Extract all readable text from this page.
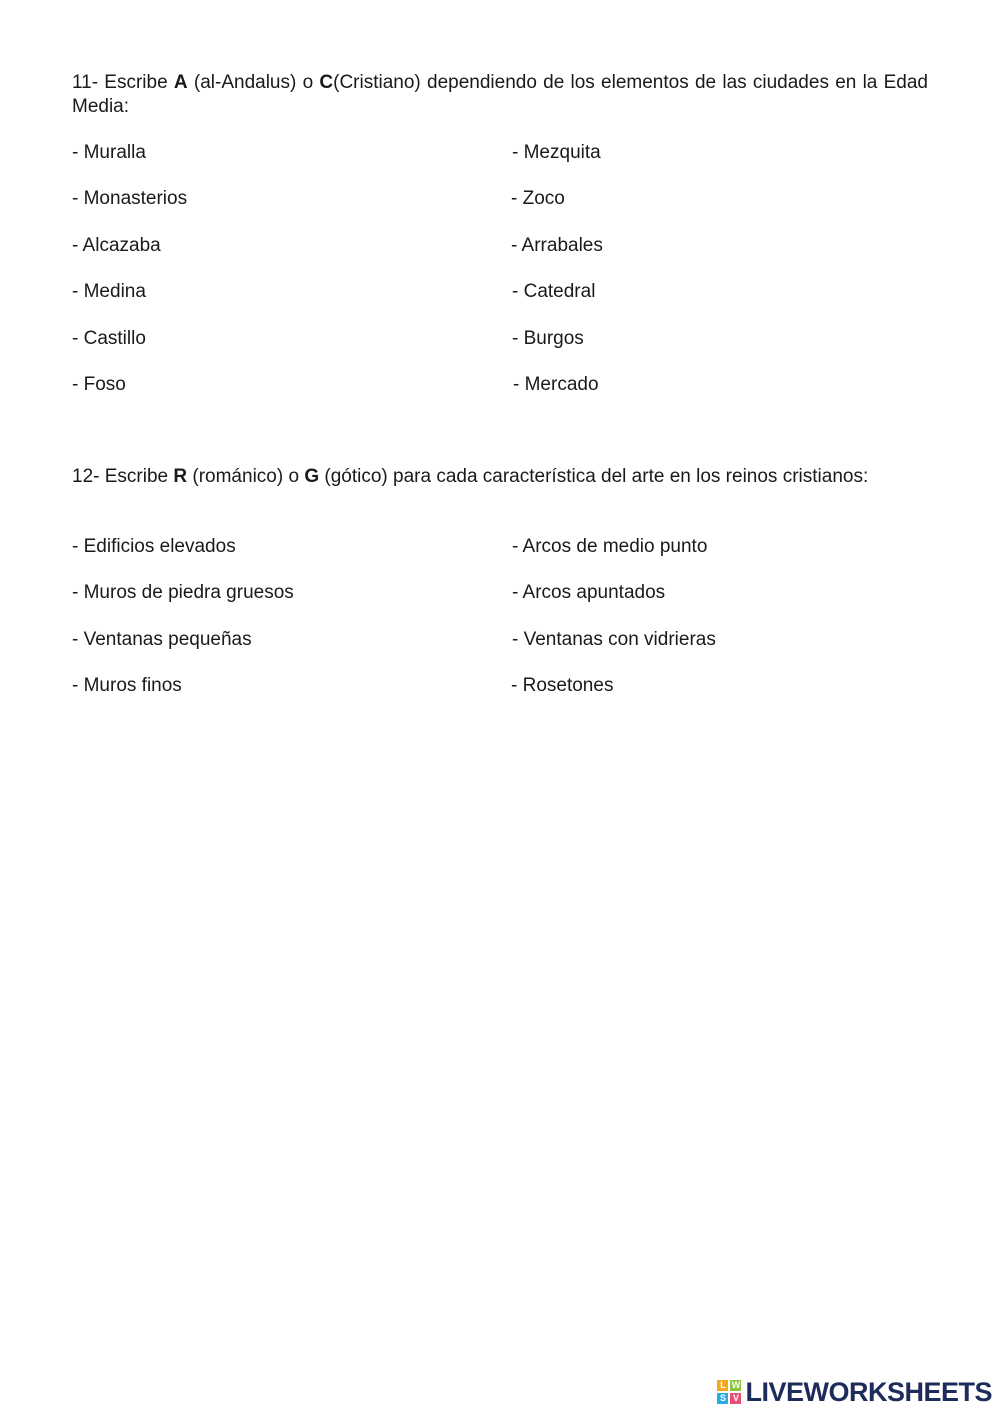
11- Escribe A (al-Andalus) o C(Cristiano) dependiendo de los elementos de las ciudades en la Edad Media:
- Muralla
- Monasterios
- Alcazaba
- Medina
- Castillo
- Foso
- Mezquita
- Zoco
- Arrabales
- Catedral
- Burgos
- Mercado
12- Escribe R (románico) o G (gótico) para cada característica del arte en los reinos cristianos:
- Edificios elevados
- Muros de piedra gruesos
- Ventanas pequeñas
- Muros finos
- Arcos de medio punto
- Arcos apuntados
- Ventanas con vidrieras
- Rosetones
L W
S V LIVEWORKSHEETS
